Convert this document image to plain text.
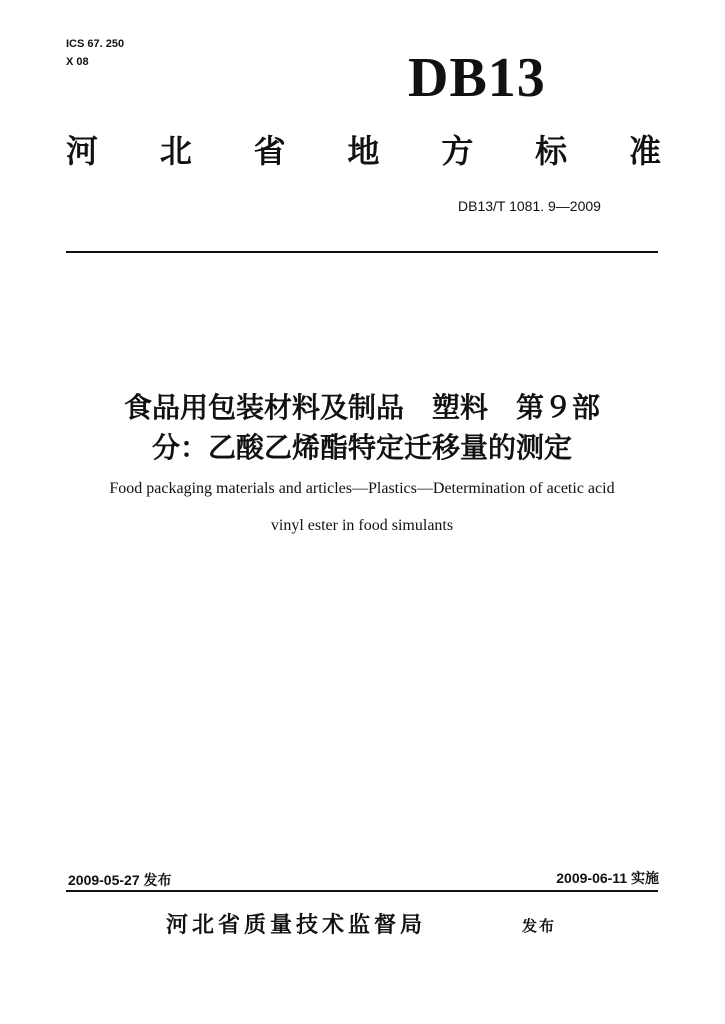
ICS 67. 250
X 08	DB13
河 北 省 地 方 标 准
DB13/T 1081. 9—2009
食品用包装材料及制品　塑料　第９部
分：乙酸乙烯酯特定迁移量的测定
Food packaging materials and articles—Plastics—Determination of acetic acid
vinyl ester in food simulants
2009-05-27 发布	2009-06-11 实施
河北省质量技术监督局	发布
